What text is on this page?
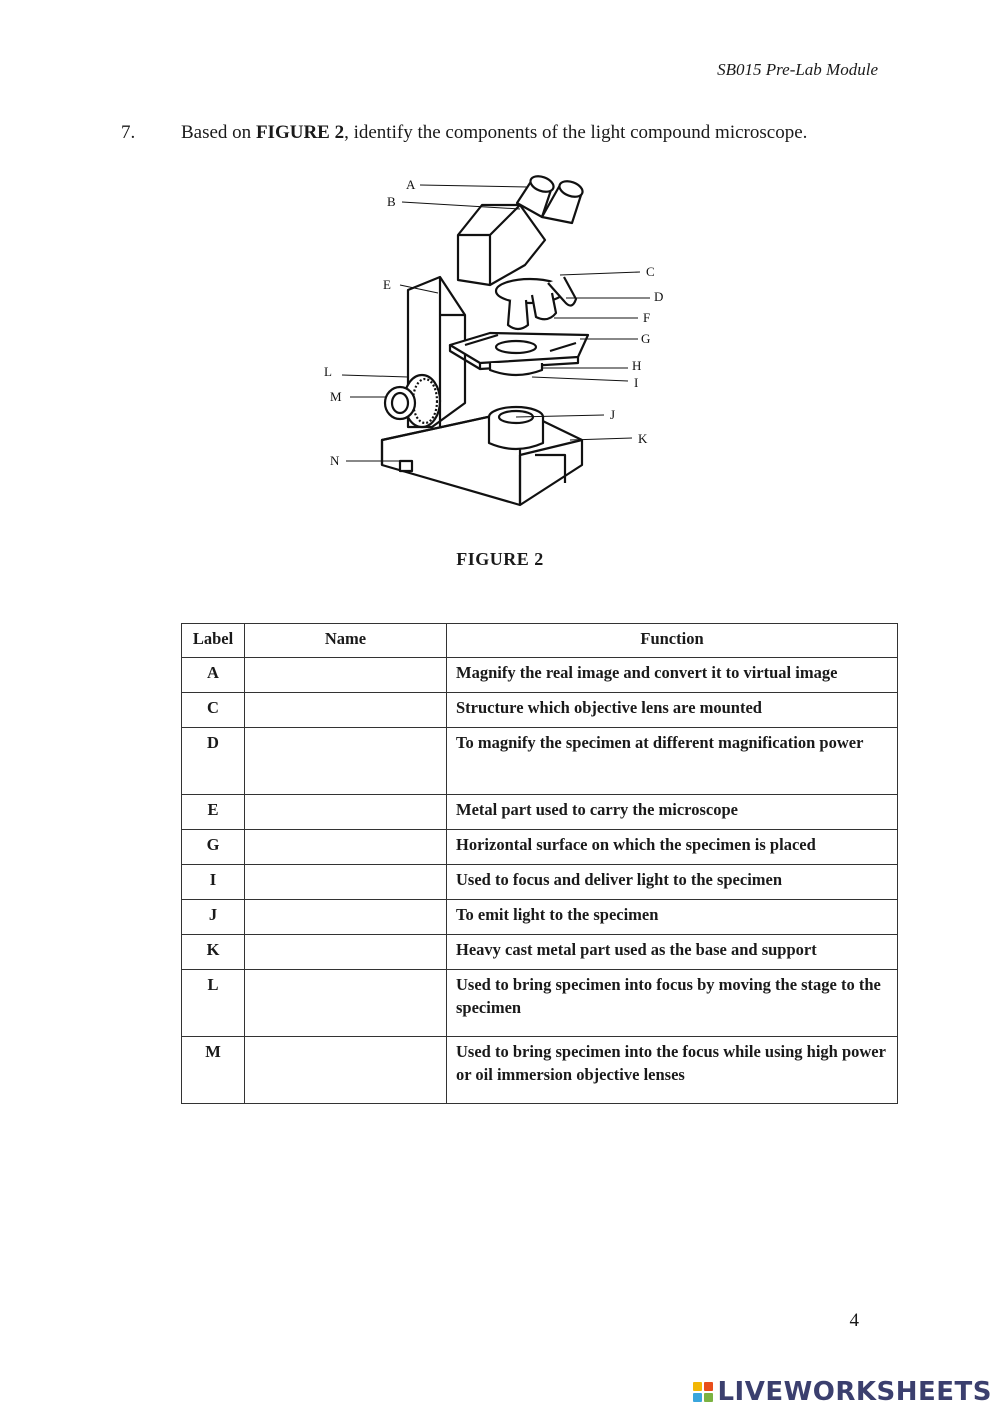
SB015 Pre-Lab Module
7. Based on FIGURE 2, identify the components of the light compound microscope.
A
B
C
D
E
F
G
H
I
J
K
L
M
N
FIGURE 2
Label	Name	Function
A		Magnify the real image and convert it to virtual image
C		Structure which objective lens are mounted
D		To magnify the specimen at different magnification power
E		Metal part used to carry the microscope
G		Horizontal surface on which the specimen is placed
I		Used to focus and deliver light to the specimen
J		To emit light to the specimen
K		Heavy cast metal part used as the base and support
L		Used to bring specimen into focus by moving the stage to the specimen
M		Used to bring specimen into the focus while using high power or oil immersion objective lenses
4
LIVEWORKSHEETS
